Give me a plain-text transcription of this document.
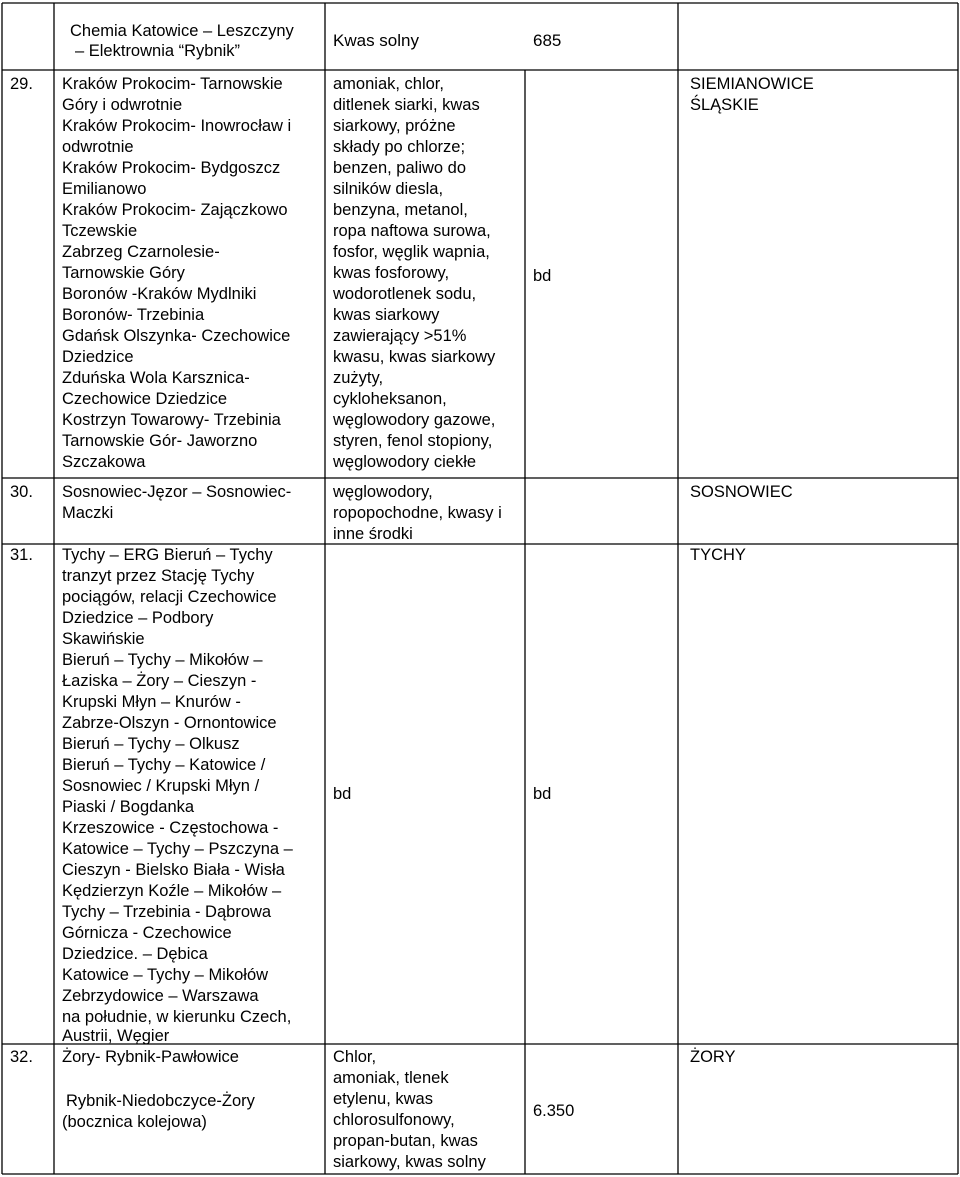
Chemia Katowice – Leszczyny
– Elektrownia “Rybnik”
Kwas solny	685
29. Kraków Prokocim- Tarnowskie
Góry i odwrotnie
Kraków Prokocim- Inowrocław i
odwrotnie
Kraków Prokocim- Bydgoszcz
Emilianowo
Kraków Prokocim- Zajączkowo
Tczewskie
Zabrzeg Czarnolesie-
Tarnowskie Góry
Boronów -Kraków Mydlniki
Boronów- Trzebinia
Gdańsk Olszynka- Czechowice
Dziedzice
Zduńska Wola Karsznica-
Czechowice Dziedzice
Kostrzyn Towarowy- Trzebinia
Tarnowskie Gór- Jaworzno
Szczakowa
amoniak, chlor,
ditlenek siarki, kwas
siarkowy, próżne
składy po chlorze;
benzen, paliwo do
silników diesla,
benzyna, metanol,
ropa naftowa surowa,
fosfor, węglik wapnia,
kwas fosforowy,
wodorotlenek sodu,
kwas siarkowy
zawierający >51%
kwasu, kwas siarkowy
zużyty,
cykloheksanon,
węglowodory gazowe,
styren, fenol stopiony,
węglowodory ciekłe
bd
SIEMIANOWICE
ŚLĄSKIE
30. Sosnowiec-Jęzor – Sosnowiec-
Maczki
węglowodory,
ropopochodne, kwasy i
inne środki
SOSNOWIEC
31. Tychy – ERG Bieruń – Tychy
tranzyt przez Stację Tychy
pociągów, relacji Czechowice
Dziedzice – Podbory
Skawińskie
Bieruń – Tychy – Mikołów –
Łaziska – Żory – Cieszyn -
Krupski Młyn – Knurów -
Zabrze-Olszyn - Ornontowice
Bieruń – Tychy – Olkusz
Bieruń – Tychy – Katowice /
Sosnowiec / Krupski Młyn /
Piaski / Bogdanka
Krzeszowice - Częstochowa -
Katowice – Tychy – Pszczyna –
Cieszyn - Bielsko Biała - Wisła
Kędzierzyn Koźle – Mikołów –
Tychy – Trzebinia - Dąbrowa
Górnicza - Czechowice
Dziedzice. – Dębica
Katowice – Tychy – Mikołów
Zebrzydowice – Warszawa
na południe, w kierunku Czech,
Austrii, Węgier
bd	bd
TYCHY
32. Żory- Rybnik-Pawłowice
Rybnik-Niedobczyce-Żory
(bocznica kolejowa)
Chlor,
amoniak, tlenek
etylenu, kwas
chlorosulfonowy,
propan-butan, kwas
siarkowy, kwas solny
6.350
ŻORY
